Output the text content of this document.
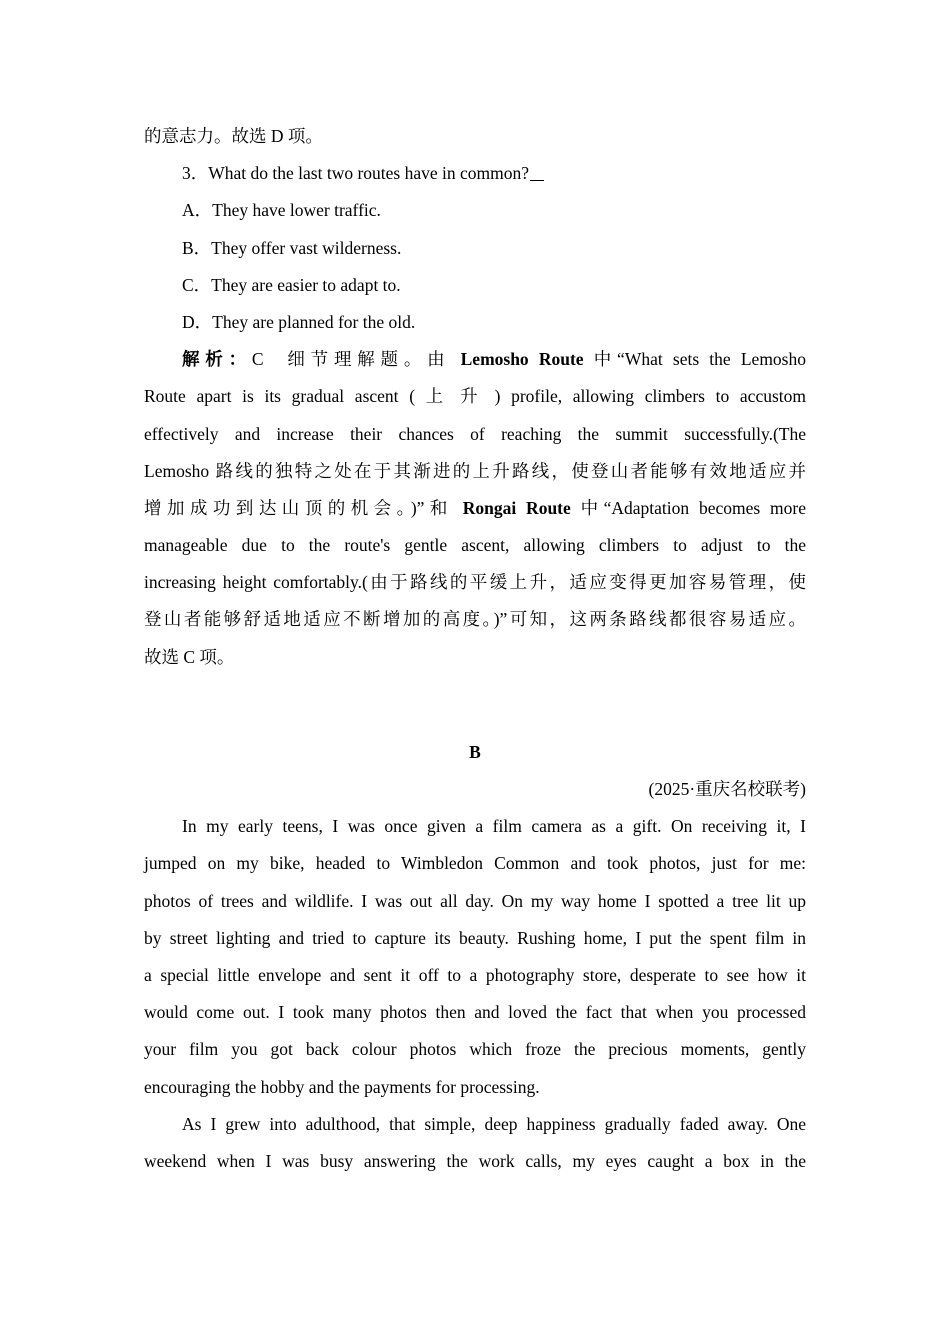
的意志力。故选 D 项。
3．What do the last two routes have in common?
A．They have lower traffic.
B．They offer vast wilderness.
C．They are easier to adapt to.
D．They are planned for the old.
解析：C 细节理解题。由 Lemosho Route 中“What sets the Lemosho
Route apart is its gradual ascent ( 上 升 ) profile, allowing climbers to accustom
effectively and increase their chances of reaching the summit successfully.(The
Lemosho 路线的独特之处在于其渐进的上升路线，使登山者能够有效地适应并
增加成功到达山顶的机会。)”和 Rongai Route 中“Adaptation becomes more
manageable due to the route's gentle ascent, allowing climbers to adjust to the
increasing height comfortably.(由于路线的平缓上升，适应变得更加容易管理，使
登山者能够舒适地适应不断增加的高度。)”可知，这两条路线都很容易适应。
故选 C 项。
B
(2025·重庆名校联考)
In my early teens, I was once given a film camera as a gift. On receiving it, I
jumped on my bike, headed to Wimbledon Common and took photos, just for me:
photos of trees and wildlife. I was out all day. On my way home I spotted a tree lit up
by street lighting and tried to capture its beauty. Rushing home, I put the spent film in
a special little envelope and sent it off to a photography store, desperate to see how it
would come out. I took many photos then and loved the fact that when you processed
your film you got back colour photos which froze the precious moments, gently
encouraging the hobby and the payments for processing.
As I grew into adulthood, that simple, deep happiness gradually faded away. One
weekend when I was busy answering the work calls, my eyes caught a box in the
